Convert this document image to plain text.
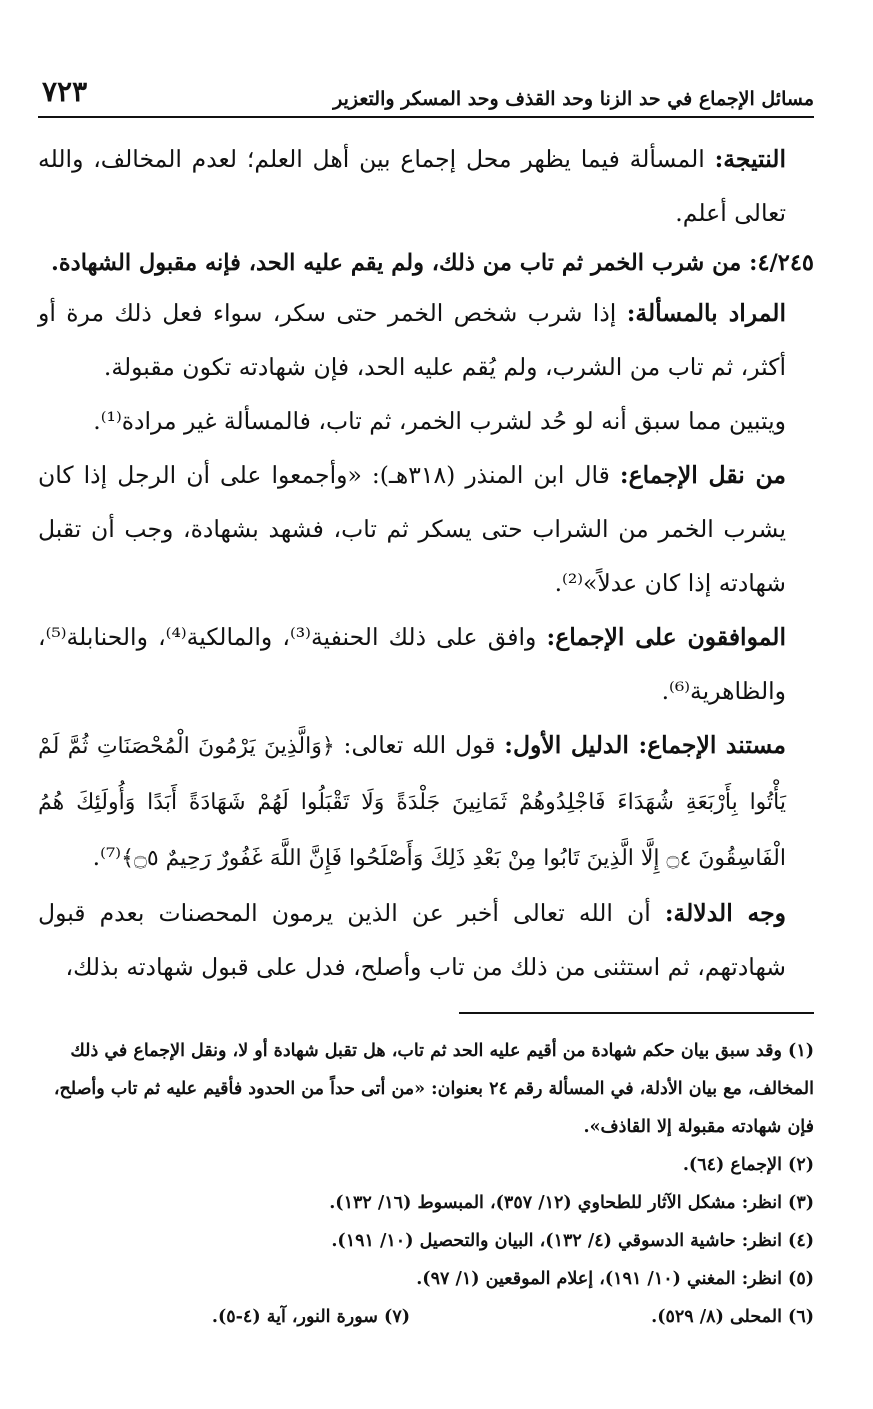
مسائل الإجماع في حد الزنا وحد القذف وحد المسكر والتعزير
٧٢٣

النتيجة: المسألة فيما يظهر محل إجماع بين أهل العلم؛ لعدم المخالف، والله تعالى أعلم.

٤/٢٤٥: من شرب الخمر ثم تاب من ذلك، ولم يقم عليه الحد، فإنه مقبول الشهادة.

المراد بالمسألة: إذا شرب شخص الخمر حتى سكر، سواء فعل ذلك مرة أو أكثر، ثم تاب من الشرب، ولم يُقم عليه الحد، فإن شهادته تكون مقبولة.

ويتبين مما سبق أنه لو حُد لشرب الخمر، ثم تاب، فالمسألة غير مرادة⁽¹⁾.

من نقل الإجماع: قال ابن المنذر (٣١٨هـ): «وأجمعوا على أن الرجل إذا كان يشرب الخمر من الشراب حتى يسكر ثم تاب، فشهد بشهادة، وجب أن تقبل شهادته إذا كان عدلاً»⁽²⁾.

الموافقون على الإجماع: وافق على ذلك الحنفية⁽³⁾، والمالكية⁽⁴⁾، والحنابلة⁽⁵⁾، والظاهرية⁽⁶⁾.

مستند الإجماع: الدليل الأول: قول الله تعالى: ﴿وَالَّذِينَ يَرْمُونَ الْمُحْصَنَاتِ ثُمَّ لَمْ يَأْتُوا بِأَرْبَعَةِ شُهَدَاءَ فَاجْلِدُوهُمْ ثَمَانِينَ جَلْدَةً وَلَا تَقْبَلُوا لَهُمْ شَهَادَةً أَبَدًا وَأُولَئِكَ هُمُ الْفَاسِقُونَ ۝٤ إِلَّا الَّذِينَ تَابُوا مِنْ بَعْدِ ذَلِكَ وَأَصْلَحُوا فَإِنَّ اللَّهَ غَفُورٌ رَحِيمٌ ۝٥﴾⁽⁷⁾.

وجه الدلالة: أن الله تعالى أخبر عن الذين يرمون المحصنات بعدم قبول شهادتهم، ثم استثنى من ذلك من تاب وأصلح، فدل على قبول شهادته بذلك،

(١) وقد سبق بيان حكم شهادة من أقيم عليه الحد ثم تاب، هل تقبل شهادة أو لا، ونقل الإجماع في ذلك المخالف، مع بيان الأدلة، في المسألة رقم ٢٤ بعنوان: «من أتى حداً من الحدود فأقيم عليه ثم تاب وأصلح، فإن شهادته مقبولة إلا القاذف».

(٢) الإجماع (٦٤).

(٣) انظر: مشكل الآثار للطحاوي (١٢/ ٣٥٧)، المبسوط (١٦/ ١٣٢).

(٤) انظر: حاشية الدسوقي (٤/ ١٣٢)، البيان والتحصيل (١٠/ ١٩١).

(٥) انظر: المغني (١٠/ ١٩١)، إعلام الموقعين (١/ ٩٧).

(٦) المحلى (٨/ ٥٢٩).
(٧) سورة النور، آية (٤-٥).
